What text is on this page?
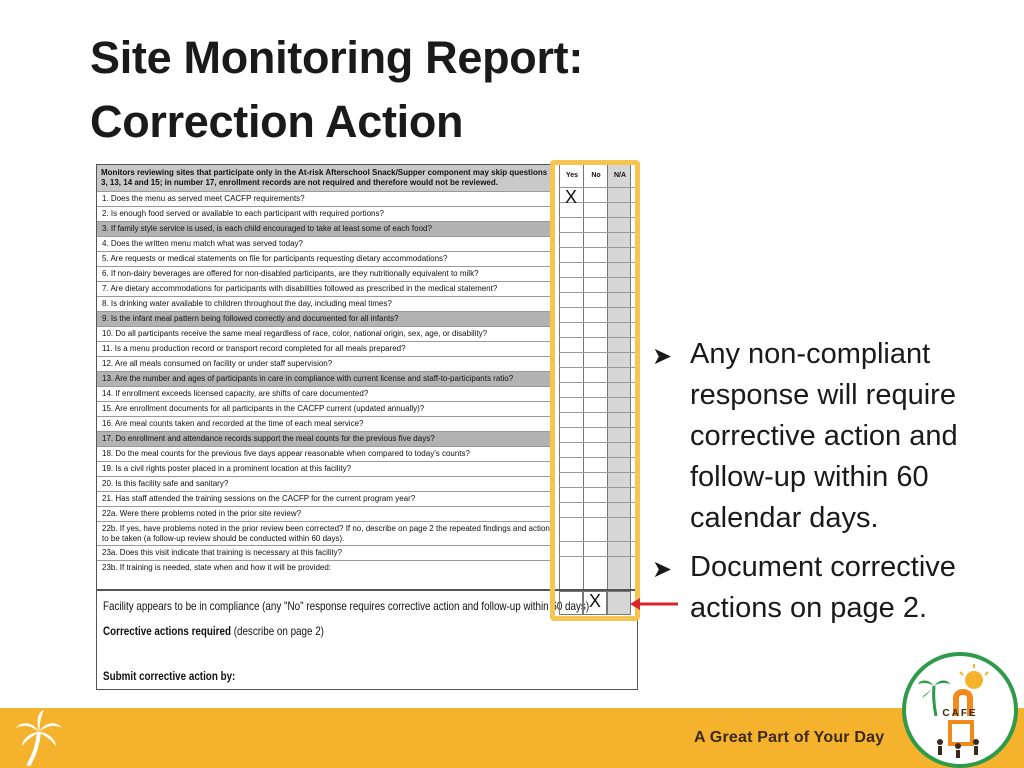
Site Monitoring Report:
Correction Action
Monitors reviewing sites that participate only in the At-risk Afterschool Snack/Supper component may skip questions 3, 13, 14 and 15; in number 17, enrollment records are not required and therefore would not be reviewed.
1. Does the menu as served meet CACFP requirements?
2. Is enough food served or available to each participant with required portions?
3. If family style service is used, is each child encouraged to take at least some of each food?
4. Does the written menu match what was served today?
5. Are requests or medical statements on file for participants requesting dietary accommodations?
6. If non-dairy beverages are offered for non-disabled participants, are they nutritionally equivalent to milk?
7. Are dietary accommodations for participants with disabilities followed as prescribed in the medical statement?
8. Is drinking water available to children throughout the day, including meal times?
9. Is the infant meal pattern being followed correctly and documented for all infants?
10. Do all participants receive the same meal regardless of race, color, national origin, sex, age, or disability?
11. Is a menu production record or transport record completed for all meals prepared?
12. Are all meals consumed on facility or under staff supervision?
13. Are the number and ages of participants in care in compliance with current license and staff-to-participants ratio?
14. If enrollment exceeds licensed capacity, are shifts of care documented?
15. Are enrollment documents for all participants in the CACFP current (updated annually)?
16. Are meal counts taken and recorded at the time of each meal service?
17. Do enrollment and attendance records support the meal counts for the previous five days?
18. Do the meal counts for the previous five days appear reasonable when compared to today's counts?
19. Is a civil rights poster placed in a prominent location at this facility?
20. Is this facility safe and sanitary?
21. Has staff attended the training sessions on the CACFP for the current program year?
22a. Were there problems noted in the prior site review?
22b. If yes, have problems noted in the prior review been corrected? If no, describe on page 2 the repeated findings and action to be taken (a follow-up review should be conducted within 60 days).
23a. Does this visit indicate that training is necessary at this facility?
23b. If training is needed, state when and how it will be provided:
Yes	No	N/A
X
Facility appears to be in compliance (any "No" response requires corrective action and follow-up within 60 days)
Corrective actions required (describe on page 2)
Submit corrective action by:
X
➤ Any non-compliant response will require corrective action and follow-up within 60 calendar days.
➤ Document corrective actions on page 2.
A Great Part of Your Day
CAFE
